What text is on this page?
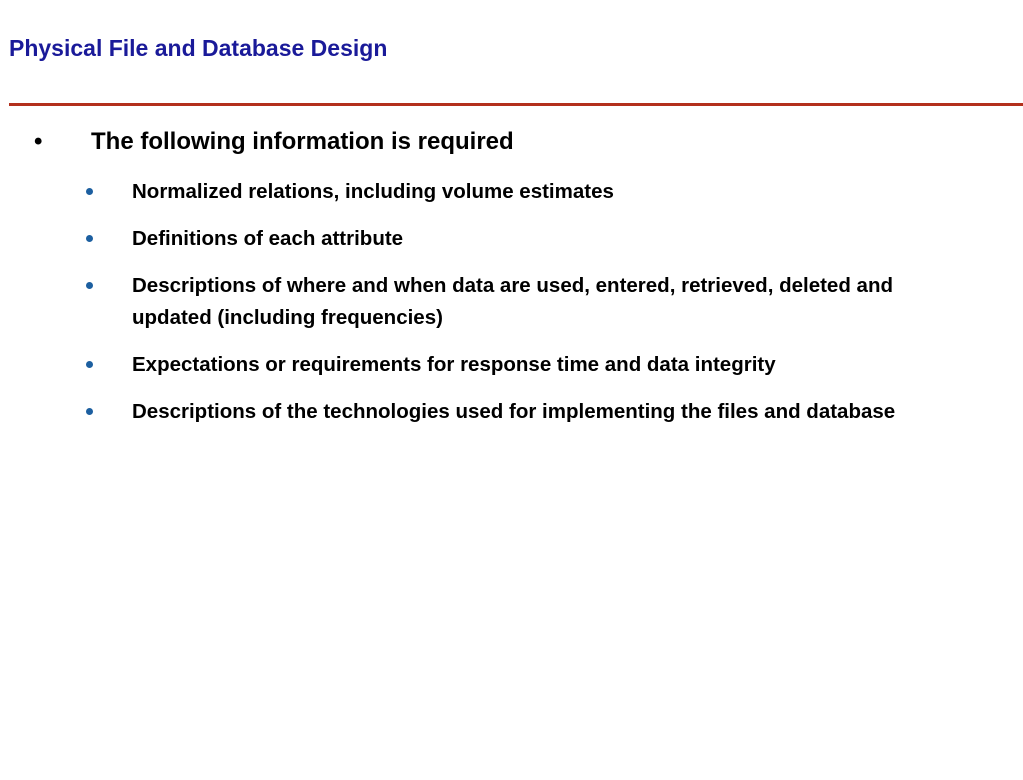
Physical File and Database Design
•	The following information is required
Normalized relations, including volume estimates
Definitions of each attribute
Descriptions of where and when data are used, entered, retrieved, deleted and updated (including frequencies)
Expectations or requirements for response time and data integrity
Descriptions of the technologies used for implementing the files and database
